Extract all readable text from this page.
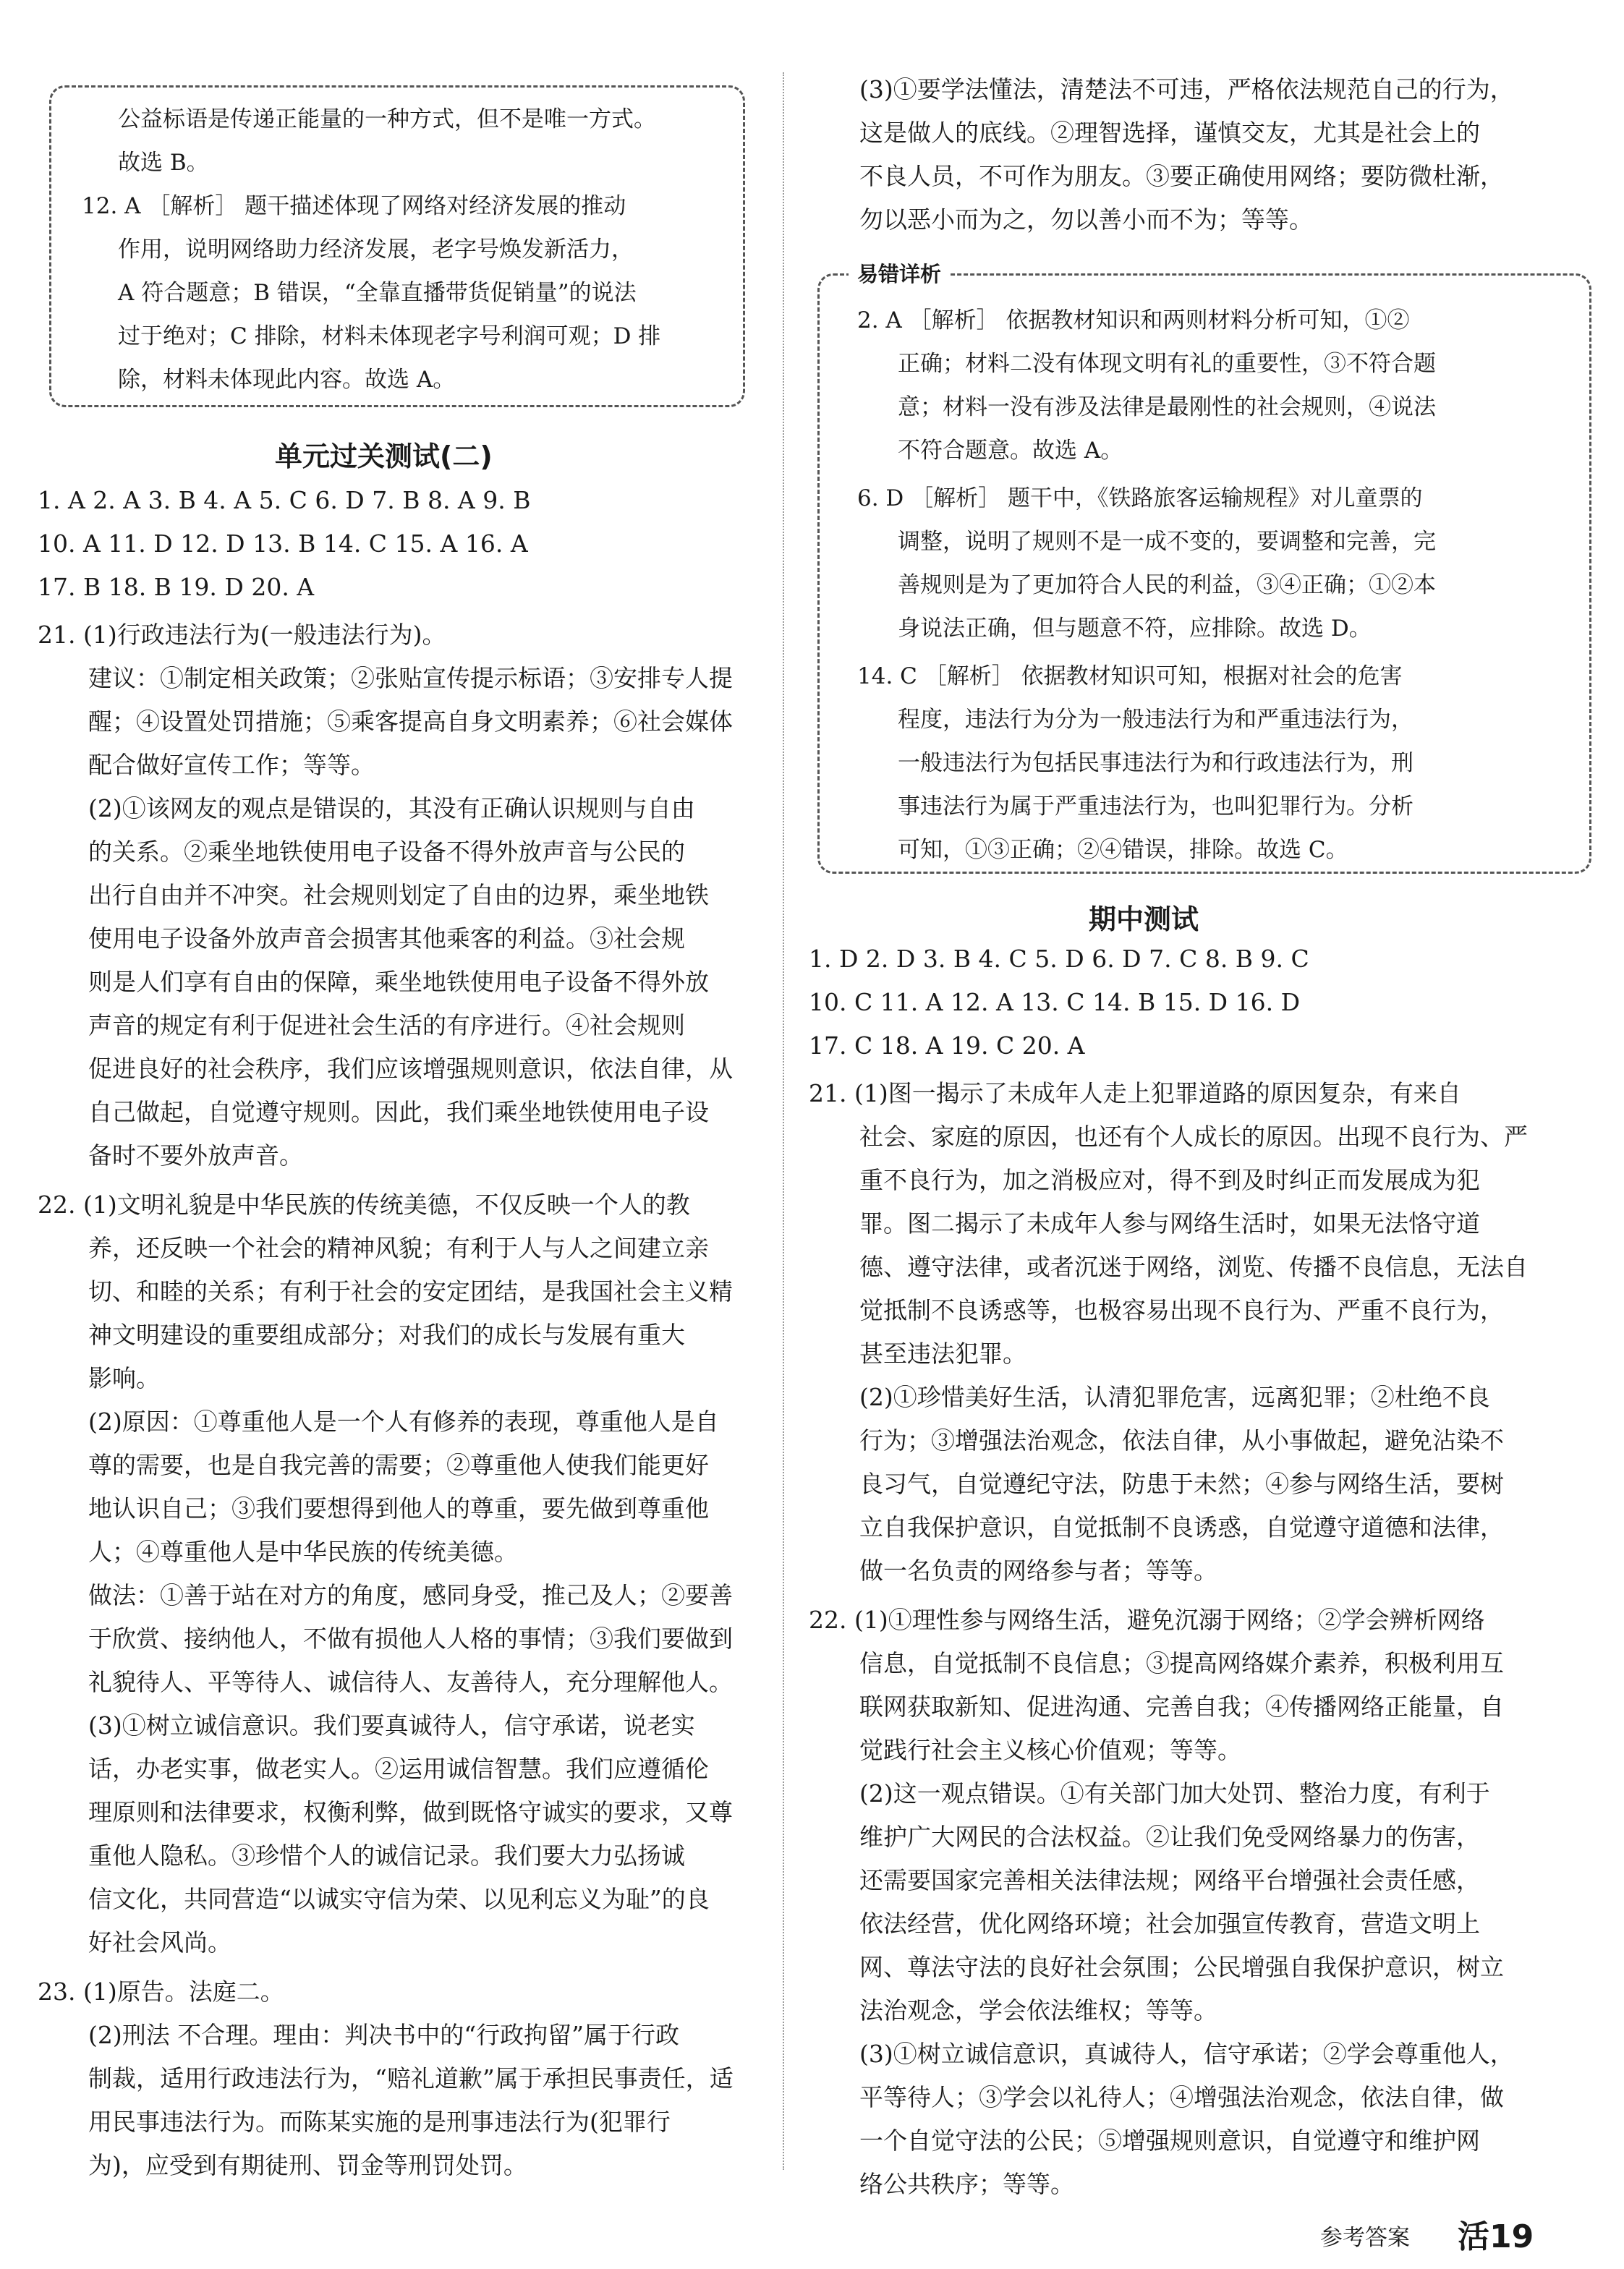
公益标语是传递正能量的一种方式，但不是唯一方式。

故选 B。

12. A ［解析］ 题干描述体现了网络对经济发展的推动

作用，说明网络助力经济发展，老字号焕发新活力，

A 符合题意；B 错误，“全靠直播带货促销量”的说法

过于绝对；C 排除，材料未体现老字号利润可观；D 排

除，材料未体现此内容。故选 A。

单元过关测试(二)

1. A 2. A 3. B 4. A 5. C 6. D 7. B 8. A 9. B

10. A 11. D 12. D 13. B 14. C 15. A 16. A

17. B 18. B 19. D 20. A

21. (1)行政违法行为(一般违法行为)。

建议：①制定相关政策；②张贴宣传提示标语；③安排专人提

醒；④设置处罚措施；⑤乘客提高自身文明素养；⑥社会媒体

配合做好宣传工作；等等。

(2)①该网友的观点是错误的，其没有正确认识规则与自由

的关系。②乘坐地铁使用电子设备不得外放声音与公民的

出行自由并不冲突。社会规则划定了自由的边界，乘坐地铁

使用电子设备外放声音会损害其他乘客的利益。③社会规

则是人们享有自由的保障，乘坐地铁使用电子设备不得外放

声音的规定有利于促进社会生活的有序进行。④社会规则

促进良好的社会秩序，我们应该增强规则意识，依法自律，从

自己做起，自觉遵守规则。因此，我们乘坐地铁使用电子设

备时不要外放声音。

22. (1)文明礼貌是中华民族的传统美德，不仅反映一个人的教

养，还反映一个社会的精神风貌；有利于人与人之间建立亲

切、和睦的关系；有利于社会的安定团结，是我国社会主义精

神文明建设的重要组成部分；对我们的成长与发展有重大

影响。

(2)原因：①尊重他人是一个人有修养的表现，尊重他人是自

尊的需要，也是自我完善的需要；②尊重他人使我们能更好

地认识自己；③我们要想得到他人的尊重，要先做到尊重他

人；④尊重他人是中华民族的传统美德。

做法：①善于站在对方的角度，感同身受，推己及人；②要善

于欣赏、接纳他人，不做有损他人人格的事情；③我们要做到

礼貌待人、平等待人、诚信待人、友善待人，充分理解他人。

(3)①树立诚信意识。我们要真诚待人，信守承诺，说老实

话，办老实事，做老实人。②运用诚信智慧。我们应遵循伦

理原则和法律要求，权衡利弊，做到既恪守诚实的要求，又尊

重他人隐私。③珍惜个人的诚信记录。我们要大力弘扬诚

信文化，共同营造“以诚实守信为荣、以见利忘义为耻”的良

好社会风尚。

23. (1)原告。法庭二。

(2)刑法 不合理。理由：判决书中的“行政拘留”属于行政

制裁，适用行政违法行为，“赔礼道歉”属于承担民事责任，适

用民事违法行为。而陈某实施的是刑事违法行为(犯罪行

为)，应受到有期徒刑、罚金等刑罚处罚。

(3)①要学法懂法，清楚法不可违，严格依法规范自己的行为，

这是做人的底线。②理智选择，谨慎交友，尤其是社会上的

不良人员，不可作为朋友。③要正确使用网络；要防微杜渐，

勿以恶小而为之，勿以善小而不为；等等。

易错详析

2. A ［解析］ 依据教材知识和两则材料分析可知，①②

正确；材料二没有体现文明有礼的重要性，③不符合题

意；材料一没有涉及法律是最刚性的社会规则，④说法

不符合题意。故选 A。

6. D ［解析］ 题干中，《铁路旅客运输规程》对儿童票的

调整，说明了规则不是一成不变的，要调整和完善，完

善规则是为了更加符合人民的利益，③④正确；①②本

身说法正确，但与题意不符，应排除。故选 D。

14. C ［解析］ 依据教材知识可知，根据对社会的危害

程度，违法行为分为一般违法行为和严重违法行为，

一般违法行为包括民事违法行为和行政违法行为，刑

事违法行为属于严重违法行为，也叫犯罪行为。分析

可知，①③正确；②④错误，排除。故选 C。

期中测试

1. D 2. D 3. B 4. C 5. D 6. D 7. C 8. B 9. C

10. C 11. A 12. A 13. C 14. B 15. D 16. D

17. C 18. A 19. C 20. A

21. (1)图一揭示了未成年人走上犯罪道路的原因复杂，有来自

社会、家庭的原因，也还有个人成长的原因。出现不良行为、严

重不良行为，加之消极应对，得不到及时纠正而发展成为犯

罪。图二揭示了未成年人参与网络生活时，如果无法恪守道

德、遵守法律，或者沉迷于网络，浏览、传播不良信息，无法自

觉抵制不良诱惑等，也极容易出现不良行为、严重不良行为，

甚至违法犯罪。

(2)①珍惜美好生活，认清犯罪危害，远离犯罪；②杜绝不良

行为；③增强法治观念，依法自律，从小事做起，避免沾染不

良习气，自觉遵纪守法，防患于未然；④参与网络生活，要树

立自我保护意识，自觉抵制不良诱惑，自觉遵守道德和法律，

做一名负责的网络参与者；等等。

22. (1)①理性参与网络生活，避免沉溺于网络；②学会辨析网络

信息，自觉抵制不良信息；③提高网络媒介素养，积极利用互

联网获取新知、促进沟通、完善自我；④传播网络正能量，自

觉践行社会主义核心价值观；等等。

(2)这一观点错误。①有关部门加大处罚、整治力度，有利于

维护广大网民的合法权益。②让我们免受网络暴力的伤害，

还需要国家完善相关法律法规；网络平台增强社会责任感，

依法经营，优化网络环境；社会加强宣传教育，营造文明上

网、尊法守法的良好社会氛围；公民增强自我保护意识，树立

法治观念，学会依法维权；等等。

(3)①树立诚信意识，真诚待人，信守承诺；②学会尊重他人，

平等待人；③学会以礼待人；④增强法治观念，依法自律，做

一个自觉守法的公民；⑤增强规则意识，自觉遵守和维护网

络公共秩序；等等。

参考答案 活19
